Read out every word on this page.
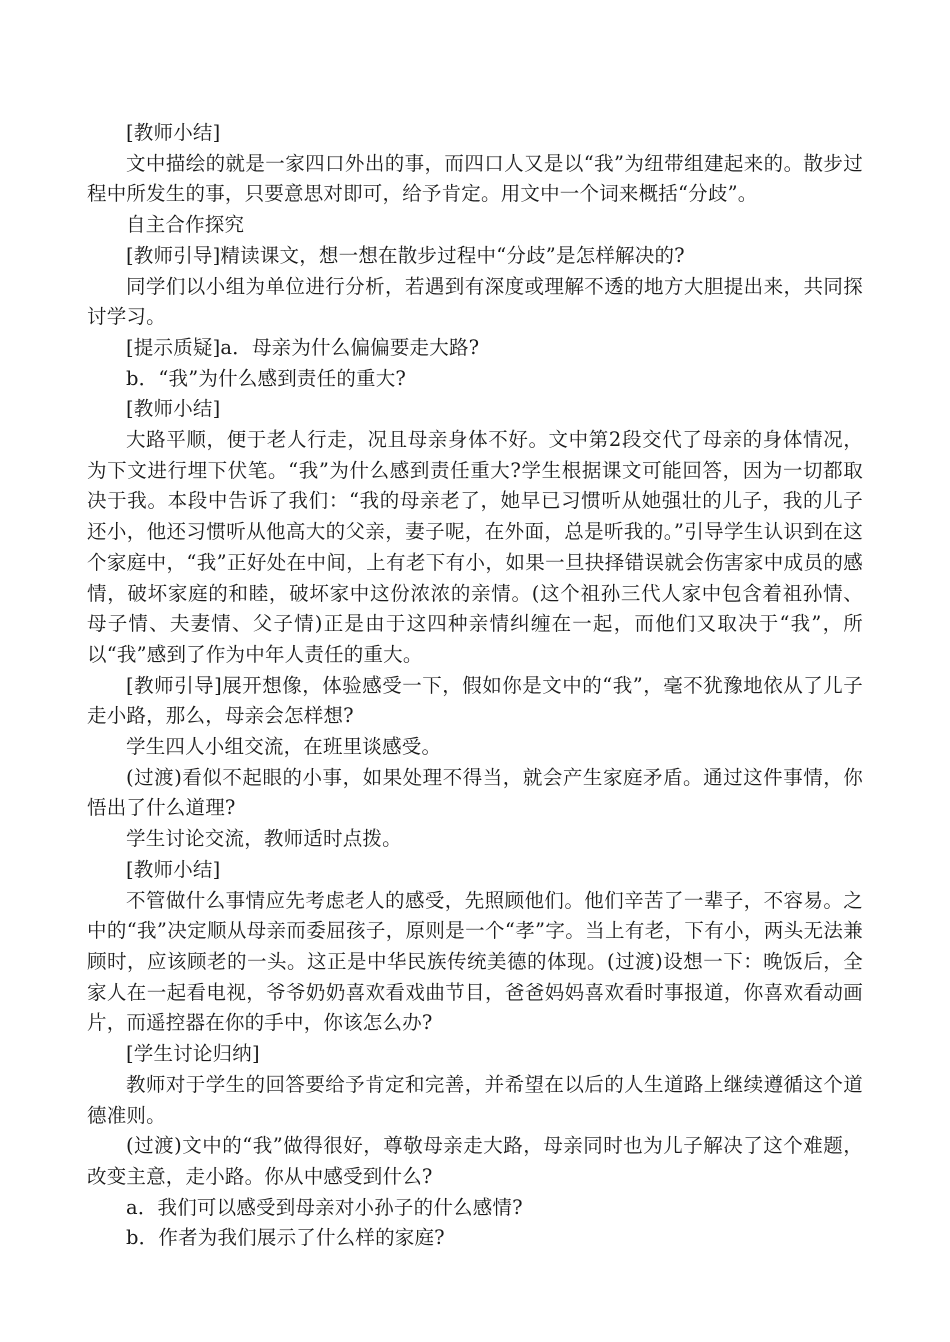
[教师小结]

文中描绘的就是一家四口外出的事，而四口人又是以“我”为纽带组建起来的。散步过程中所发生的事，只要意思对即可，给予肯定。用文中一个词来概括“分歧”。

自主合作探究

[教师引导]精读课文，想一想在散步过程中“分歧”是怎样解决的?

同学们以小组为单位进行分析，若遇到有深度或理解不透的地方大胆提出来，共同探讨学习。

[提示质疑]a．母亲为什么偏偏要走大路?

b．“我”为什么感到责任的重大?

[教师小结]

大路平顺，便于老人行走，况且母亲身体不好。文中第2段交代了母亲的身体情况，为下文进行埋下伏笔。“我”为什么感到责任重大?学生根据课文可能回答，因为一切都取决于我。本段中告诉了我们：“我的母亲老了，她早已习惯听从她强壮的儿子，我的儿子还小，他还习惯听从他高大的父亲，妻子呢，在外面，总是听我的。”引导学生认识到在这个家庭中，“我”正好处在中间，上有老下有小，如果一旦抉择错误就会伤害家中成员的感情，破坏家庭的和睦，破坏家中这份浓浓的亲情。(这个祖孙三代人家中包含着祖孙情、母子情、夫妻情、父子情)正是由于这四种亲情纠缠在一起，而他们又取决于“我”，所以“我”感到了作为中年人责任的重大。

[教师引导]展开想像，体验感受一下，假如你是文中的“我”，毫不犹豫地依从了儿子走小路，那么，母亲会怎样想?

学生四人小组交流，在班里谈感受。

(过渡)看似不起眼的小事，如果处理不得当，就会产生家庭矛盾。通过这件事情，你悟出了什么道理?

学生讨论交流，教师适时点拨。

[教师小结]

不管做什么事情应先考虑老人的感受，先照顾他们。他们辛苦了一辈子，不容易。之中的“我”决定顺从母亲而委屈孩子，原则是一个“孝”字。当上有老，下有小，两头无法兼顾时，应该顾老的一头。这正是中华民族传统美德的体现。(过渡)设想一下：晚饭后，全家人在一起看电视，爷爷奶奶喜欢看戏曲节目，爸爸妈妈喜欢看时事报道，你喜欢看动画片，而遥控器在你的手中，你该怎么办?

[学生讨论归纳]

教师对于学生的回答要给予肯定和完善，并希望在以后的人生道路上继续遵循这个道德准则。

(过渡)文中的“我”做得很好，尊敬母亲走大路，母亲同时也为儿子解决了这个难题，改变主意，走小路。你从中感受到什么?

a．我们可以感受到母亲对小孙子的什么感情?

b．作者为我们展示了什么样的家庭?
